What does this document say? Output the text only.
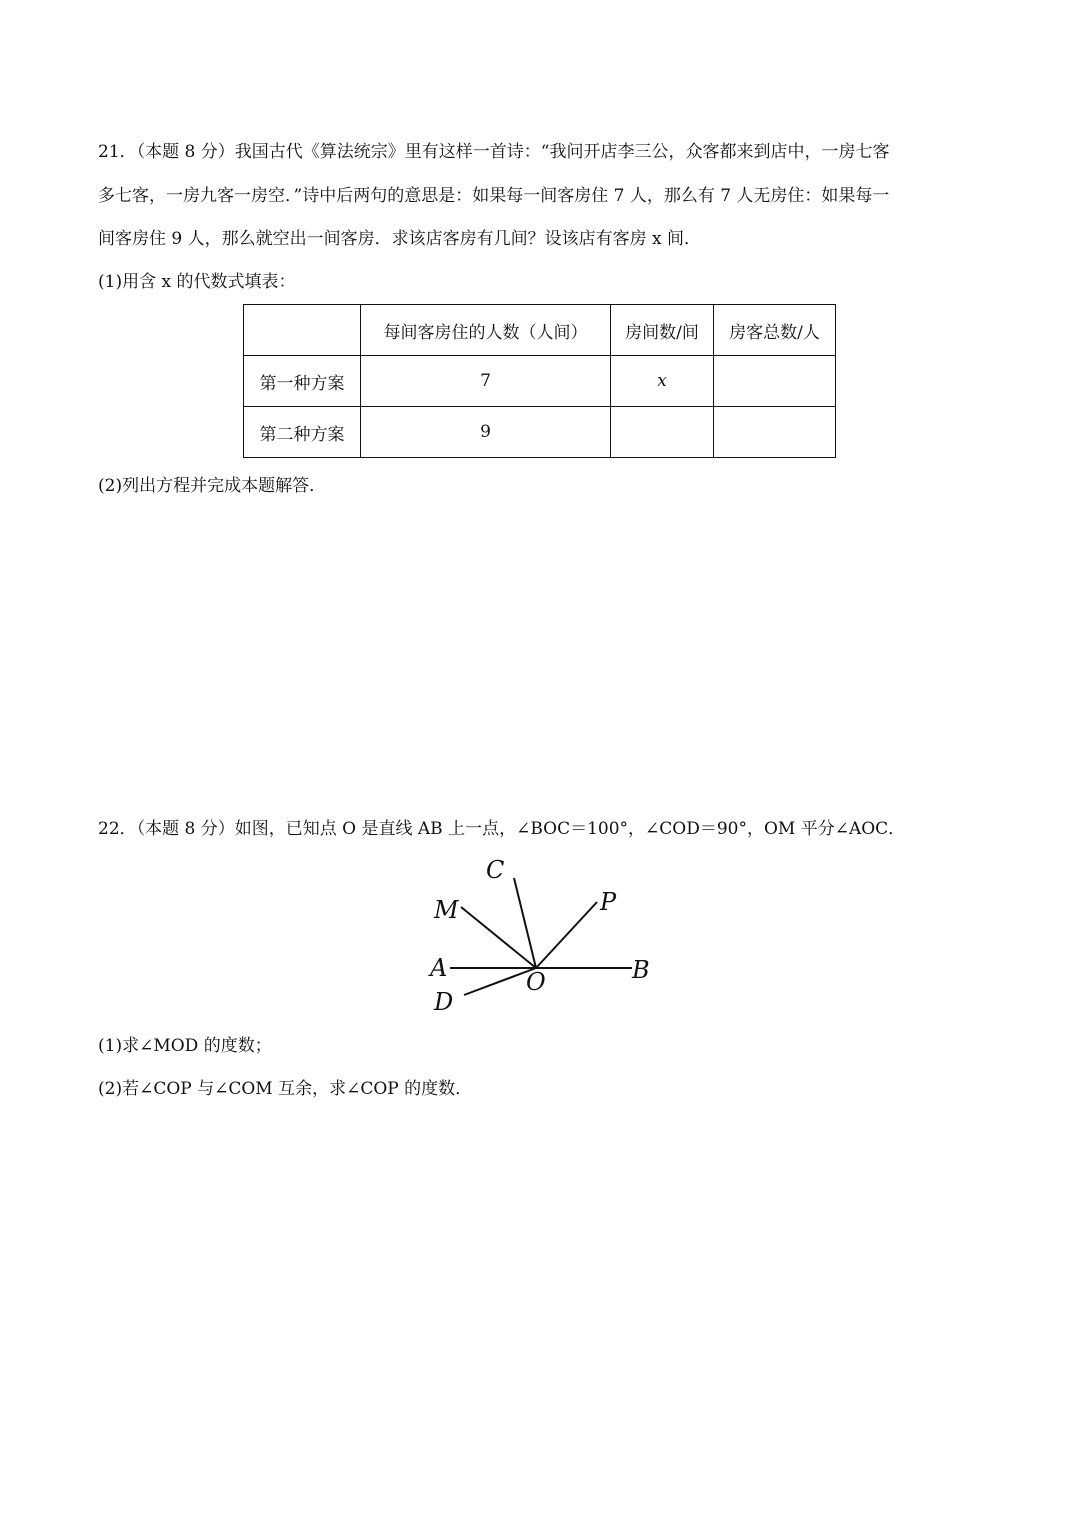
21．（本题 8 分）我国古代《算法统宗》里有这样一首诗：“我问开店李三公，众客都来到店中，一房七客
多七客，一房九客一房空．”诗中后两句的意思是：如果每一间客房住 7 人，那么有 7 人无房住：如果每一
间客房住 9 人，那么就空出一间客房．求该店客房有几间？设该店有客房 x 间．
(1)用含 x 的代数式填表：
	每间客房住的人数（人间）	房间数/间	房客总数/人
第一种方案	7	x	
第二种方案	9		
(2)列出方程并完成本题解答．
22．（本题 8 分）如图，已知点 O 是直线 AB 上一点，∠BOC＝100°，∠COD＝90°，OM 平分∠AOC．
C
M	P
A	O	B
D
(1)求∠MOD 的度数；
(2)若∠COP 与∠COM 互余，求∠COP 的度数．
